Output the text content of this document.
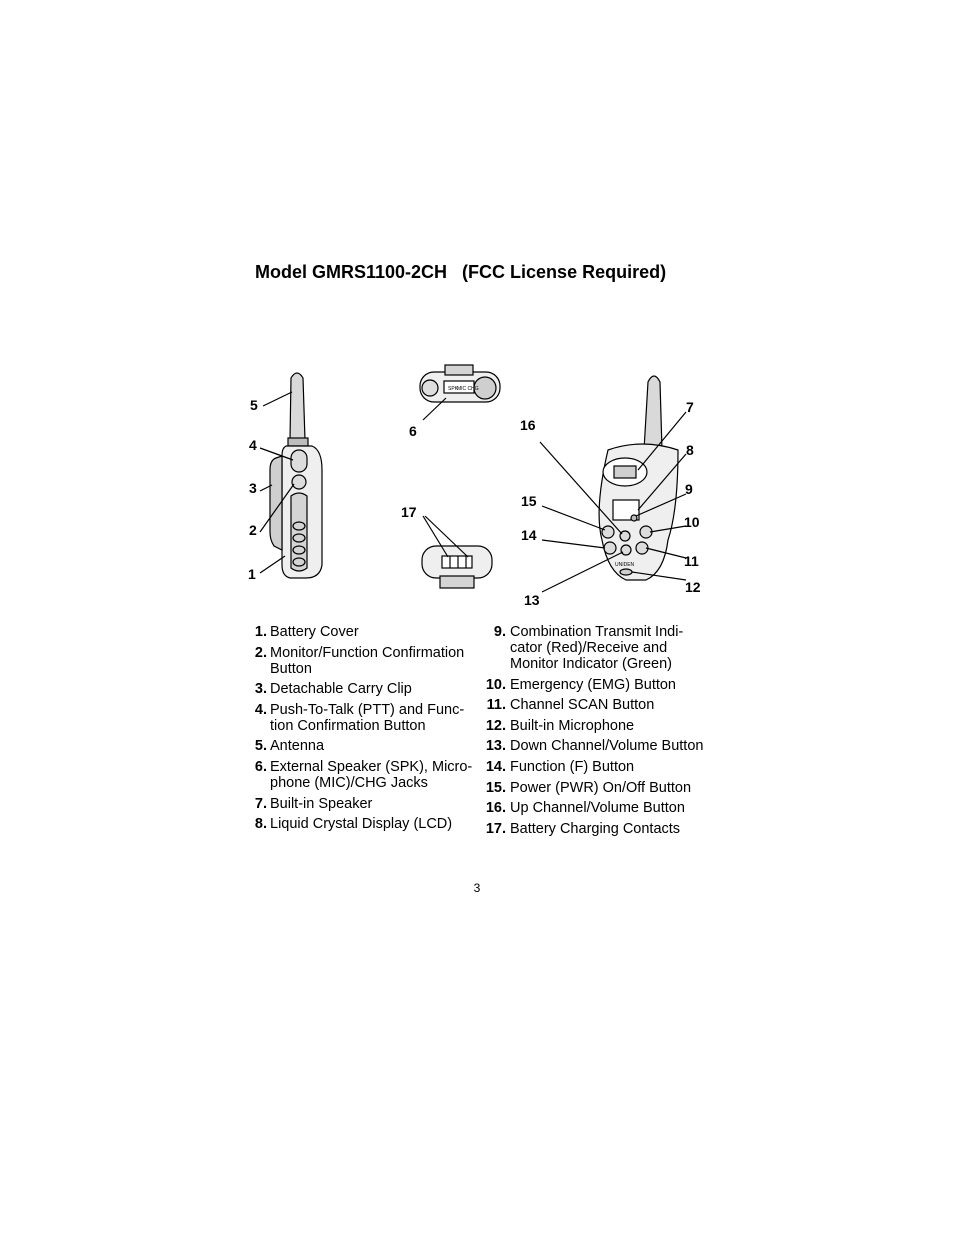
Model GMRS1100-2CH   (FCC License Required)
SPK
MIC CHG
UNIDEN
5
4
3
2
1
6
17
16
15
14
13
7
8
9
10
11
12
1. Battery Cover
2. Monitor/Function Confirmation Button
3. Detachable Carry Clip
4. Push-To-Talk (PTT) and Func-tion Confirmation Button
5. Antenna
6. External Speaker (SPK), Micro-phone (MIC)/CHG Jacks
7. Built-in Speaker
8. Liquid Crystal Display (LCD)
9. Combination Transmit Indi-cator (Red)/Receive and Monitor Indicator (Green)
10. Emergency (EMG) Button
11. Channel SCAN Button
12. Built-in Microphone
13. Down Channel/Volume Button
14. Function (F) Button
15. Power (PWR) On/Off Button
16. Up Channel/Volume Button
17. Battery Charging Contacts
3
